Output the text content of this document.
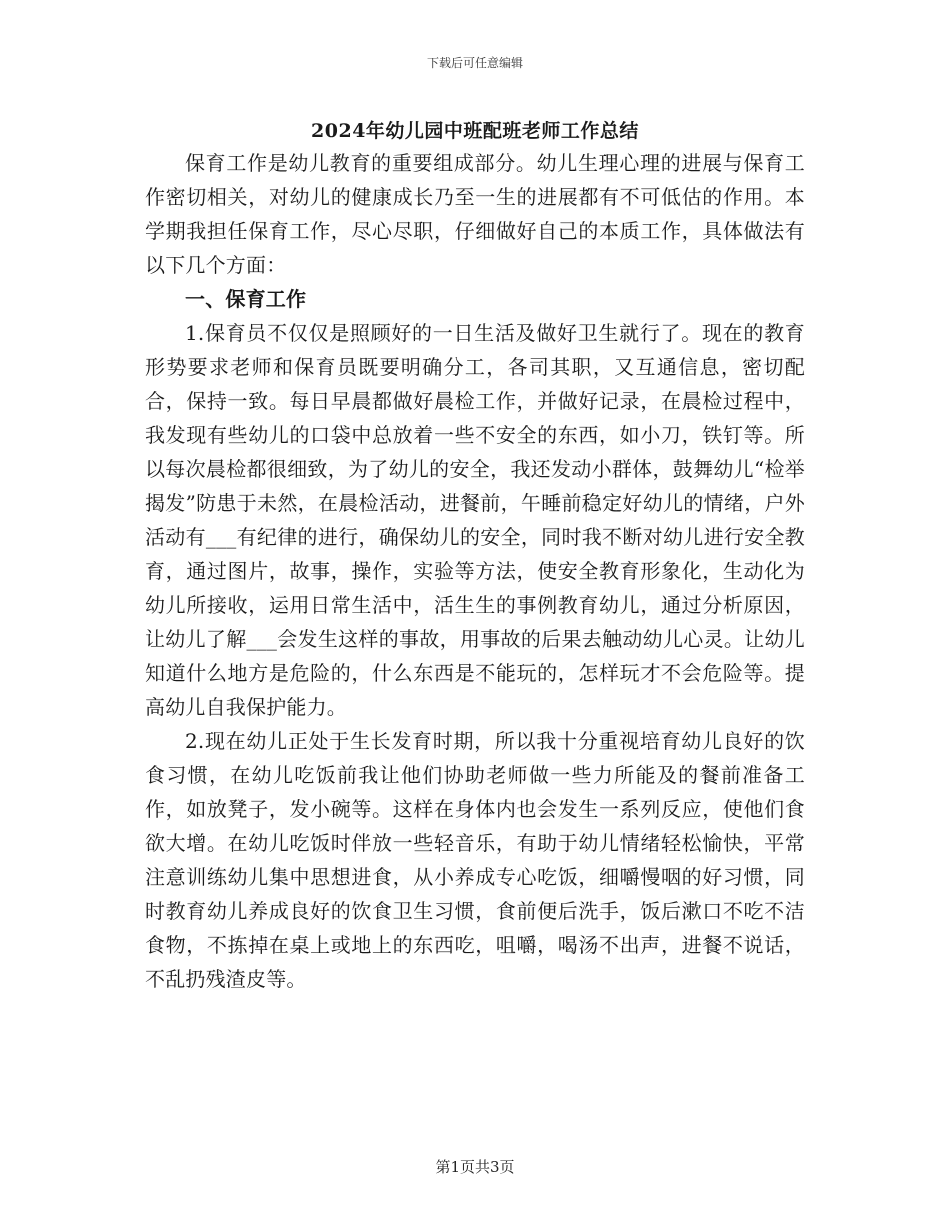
下载后可任意编辑
2024年幼儿园中班配班老师工作总结

保育工作是幼儿教育的重要组成部分。幼儿生理心理的进展与保育工作密切相关，对幼儿的健康成长乃至一生的进展都有不可低估的作用。本学期我担任保育工作，尽心尽职，仔细做好自己的本质工作，具体做法有以下几个方面：

一、保育工作

1.保育员不仅仅是照顾好的一日生活及做好卫生就行了。现在的教育形势要求老师和保育员既要明确分工，各司其职，又互通信息，密切配合，保持一致。每日早晨都做好晨检工作，并做好记录，在晨检过程中，我发现有些幼儿的口袋中总放着一些不安全的东西，如小刀，铁钉等。所以每次晨检都很细致，为了幼儿的安全，我还发动小群体，鼓舞幼儿“检举揭发”防患于未然，在晨检活动，进餐前，午睡前稳定好幼儿的情绪，户外活动有___有纪律的进行，确保幼儿的安全，同时我不断对幼儿进行安全教育，通过图片，故事，操作，实验等方法，使安全教育形象化，生动化为幼儿所接收，运用日常生活中，活生生的事例教育幼儿，通过分析原因，让幼儿了解___会发生这样的事故，用事故的后果去触动幼儿心灵。让幼儿知道什么地方是危险的，什么东西是不能玩的，怎样玩才不会危险等。提高幼儿自我保护能力。

2.现在幼儿正处于生长发育时期，所以我十分重视培育幼儿良好的饮食习惯，在幼儿吃饭前我让他们协助老师做一些力所能及的餐前准备工作，如放凳子，发小碗等。这样在身体内也会发生一系列反应，使他们食欲大增。在幼儿吃饭时伴放一些轻音乐，有助于幼儿情绪轻松愉快，平常注意训练幼儿集中思想进食，从小养成专心吃饭，细嚼慢咽的好习惯，同时教育幼儿养成良好的饮食卫生习惯，食前便后洗手，饭后漱口不吃不洁食物，不拣掉在桌上或地上的东西吃，咀嚼，喝汤不出声，进餐不说话，不乱扔残渣皮等。

第1页共3页
